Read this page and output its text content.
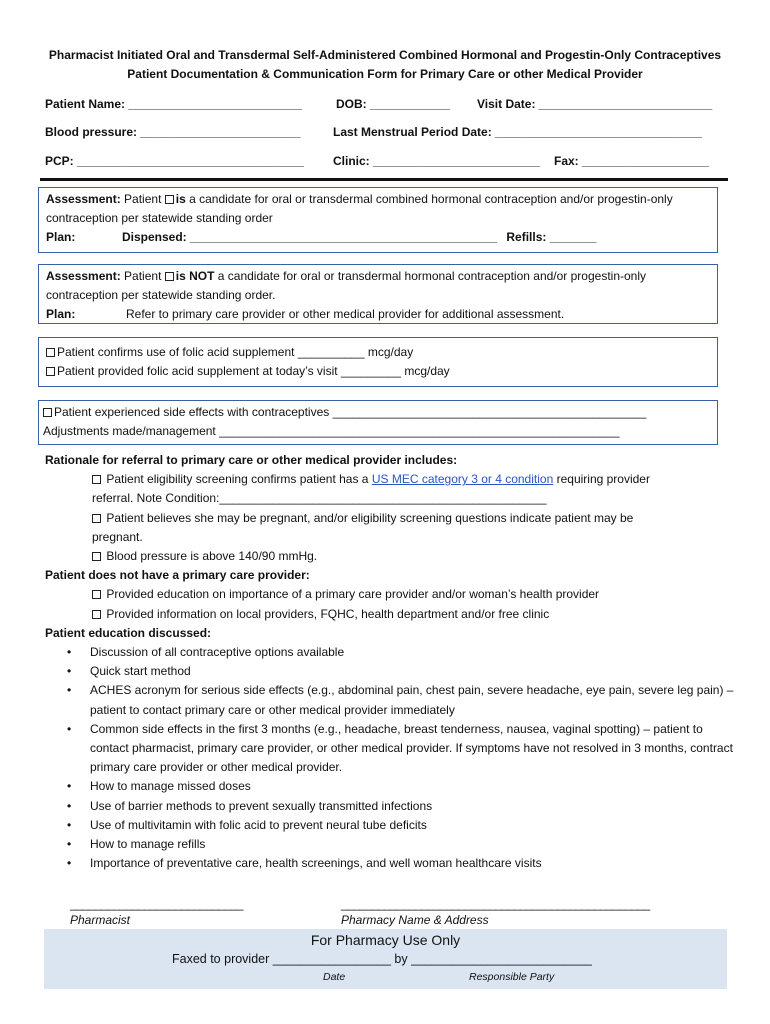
Pharmacist Initiated Oral and Transdermal Self-Administered Combined Hormonal and Progestin-Only Contraceptives
Patient Documentation & Communication Form for Primary Care or other Medical Provider
Patient Name: __________________________	DOB: ____________ Visit Date: __________________________
Blood pressure: ________________________	Last Menstrual Period Date: _______________________________
PCP: __________________________________ Clinic: _________________________ Fax: ___________________
Assessment: Patient is a candidate for oral or transdermal combined hormonal contraception and/or progestin-only
contraception per statewide standing order
Plan:	Dispensed: ______________________________________________ Refills: _______
Assessment: Patient is NOT a candidate for oral or transdermal hormonal contraception and/or progestin-only
contraception per statewide standing order.
Plan:	Refer to primary care provider or other medical provider for additional assessment.
Patient confirms use of folic acid supplement __________ mcg/day
Patient provided folic acid supplement at today’s visit _________ mcg/day
Patient experienced side effects with contraceptives _______________________________________________
Adjustments made/management ____________________________________________________________
Rationale for referral to primary care or other medical provider includes:
Patient eligibility screening confirms patient has a US MEC category 3 or 4 condition requiring provider
referral. Note Condition:_________________________________________________
Patient believes she may be pregnant, and/or eligibility screening questions indicate patient may be
pregnant.
Blood pressure is above 140/90 mmHg.
Patient does not have a primary care provider:
Provided education on importance of a primary care provider and/or woman’s health provider
Provided information on local providers, FQHC, health department and/or free clinic
Patient education discussed:
• Discussion of all contraceptive options available
• Quick start method
• ACHES acronym for serious side effects (e.g., abdominal pain, chest pain, severe headache, eye pain, severe leg pain) – patient to contact primary care or other medical provider immediately
• Common side effects in the first 3 months (e.g., headache, breast tenderness, nausea, vaginal spotting) – patient to contact pharmacist, primary care provider, or other medical provider. If symptoms have not resolved in 3 months, contract primary care provider or other medical provider.
• How to manage missed doses
• Use of barrier methods to prevent sexually transmitted infections
• Use of multivitamin with folic acid to prevent neural tube deficits
• How to manage refills
• Importance of preventative care, health screenings, and well woman healthcare visits
____________________________
Pharmacist
__________________________________________________
Pharmacy Name & Address
For Pharmacy Use Only
Faxed to provider _________________ by __________________________
Date	Responsible Party
